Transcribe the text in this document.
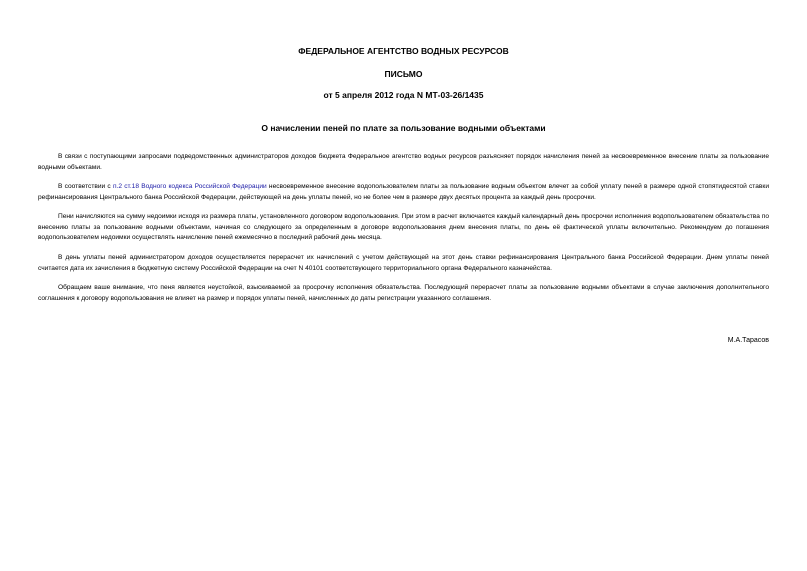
ФЕДЕРАЛЬНОЕ АГЕНТСТВО ВОДНЫХ РЕСУРСОВ

ПИСЬМО

от 5 апреля 2012 года N МТ-03-26/1435

О начислении пеней по плате за пользование водными объектами

В связи с поступающими запросами подведомственных администраторов доходов бюджета Федеральное агентство водных ресурсов разъясняет порядок начисления пеней за несвоевременное внесение платы за пользование водными объектами.

В соответствии с п.2 ст.18 Водного кодекса Российской Федерации несвоевременное внесение водопользователем платы за пользование водным объектом влечет за собой уплату пеней в размере одной стопятидесятой ставки рефинансирования Центрального банка Российской Федерации, действующей на день уплаты пеней, но не более чем в размере двух десятых процента за каждый день просрочки.

Пени начисляются на сумму недоимки исходя из размера платы, установленного договором водопользования. При этом в расчет включается каждый календарный день просрочки исполнения водопользователем обязательства по внесению платы за пользование водными объектами, начиная со следующего за определенным в договоре водопользования днем внесения платы, по день её фактической уплаты включительно. Рекомендуем до погашения водопользователем недоимки осуществлять начисление пеней ежемесячно в последний рабочий день месяца.

В день уплаты пеней администратором доходов осуществляется перерасчет их начислений с учетом действующей на этот день ставки рефинансирования Центрального банка Российской Федерации. Днем уплаты пеней считается дата их зачисления в бюджетную систему Российской Федерации на счет N 40101 соответствующего территориального органа Федерального казначейства.

Обращаем ваше внимание, что пеня является неустойкой, взыскиваемой за просрочку исполнения обязательства. Последующий перерасчет платы за пользование водными объектами в случае заключения дополнительного соглашения к договору водопользования не влияет на размер и порядок уплаты пеней, начисленных до даты регистрации указанного соглашения.

М.А.Тарасов
